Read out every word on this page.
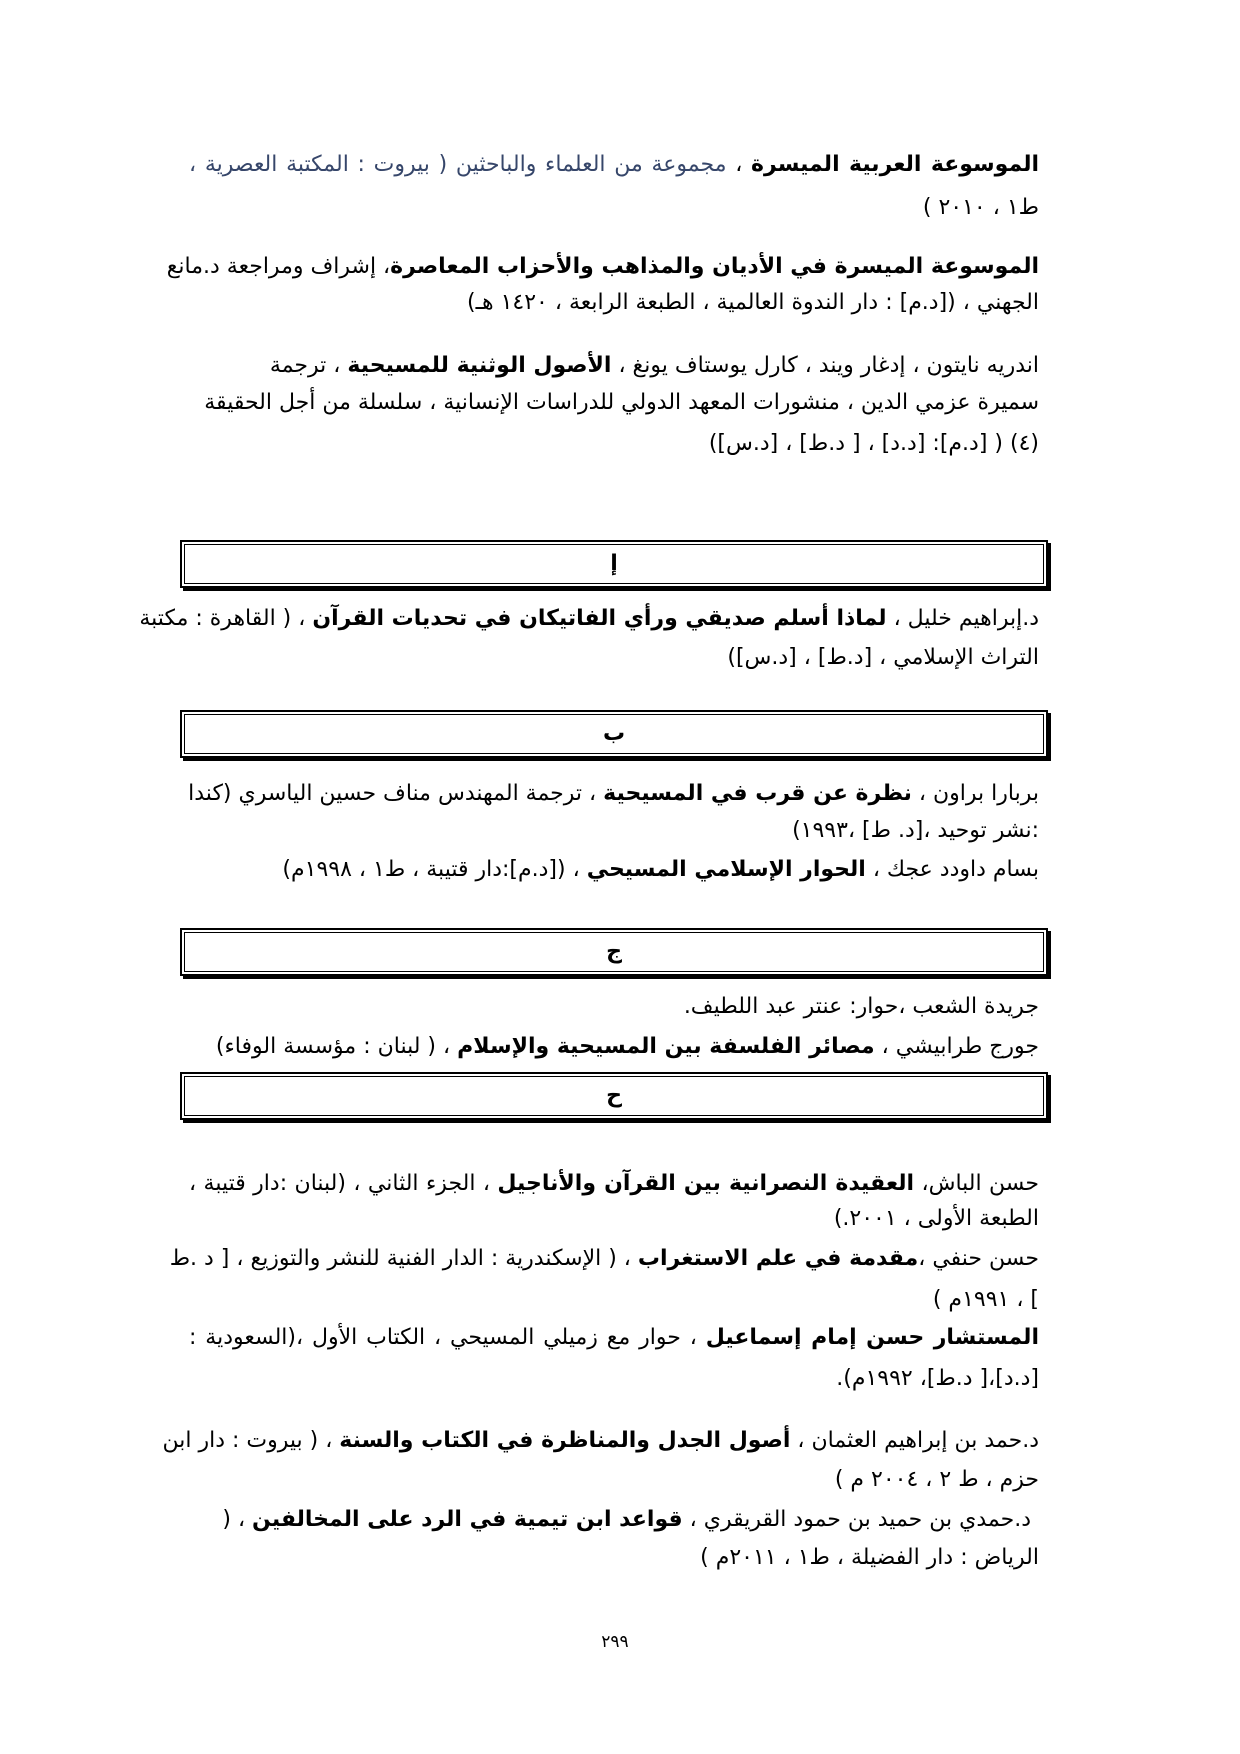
الموسوعة العربية الميسرة ، مجموعة من العلماء والباحثين ( بيروت : المكتبة العصرية ،
ط١ ، ٢٠١٠ )
الموسوعة الميسرة في الأديان والمذاهب والأحزاب المعاصرة، إشراف ومراجعة د.مانع
الجهني ، ([د.م] : دار الندوة العالمية ، الطبعة الرابعة ، ١٤٢٠ هـ)
اندريه نايتون ، إدغار ويند ، كارل يوستاف يونغ ، الأصول الوثنية للمسيحية ، ترجمة
سميرة عزمي الدين ، منشورات المعهد الدولي للدراسات الإنسانية ، سلسلة من أجل الحقيقة
(٤) ( [د.م]: [د.د] ، [ د.ط] ، [د.س])
إ
د.إبراهيم خليل ، لماذا أسلم صديقي ورأي الفاتيكان في تحديات القرآن ، ( القاهرة : مكتبة
التراث الإسلامي ، [د.ط] ، [د.س])
ب
بربارا براون ، نظرة عن قرب في المسيحية ، ترجمة المهندس مناف حسين الياسري (كندا
:نشر توحيد ،[د. ط] ،١٩٩٣)
بسام داودد عجك ، الحوار الإسلامي المسيحي ، ([د.م]:دار قتيبة ، ط١ ، ١٩٩٨م)
ج
جريدة الشعب ،حوار: عنتر عبد اللطيف.
جورج طرابيشي ، مصائر الفلسفة بين المسيحية والإسلام ، ( لبنان : مؤسسة الوفاء)
ح
حسن الباش، العقيدة النصرانية بين القرآن والأناجيل ، الجزء الثاني ، (لبنان :دار قتيبة ،
الطبعة الأولى ، ٢٠٠١.)
حسن حنفي ،مقدمة في علم الاستغراب ، ( الإسكندرية : الدار الفنية للنشر والتوزيع ، [ د .ط
] ، ١٩٩١م )
المستشار حسن إمام إسماعيل ، حوار مع زميلي المسيحي ، الكتاب الأول ،(السعودية :
[د.د]،[ د.ط]، ١٩٩٢م).
د.حمد بن إبراهيم العثمان ، أصول الجدل والمناظرة في الكتاب والسنة ، ( بيروت : دار ابن
حزم ، ط ٢ ، ٢٠٠٤ م )
د.حمدي بن حميد بن حمود القريقري ، قواعد ابن تيمية في الرد على المخالفين ، (
الرياض : دار الفضيلة ، ط١ ، ٢٠١١م )
٢٩٩
